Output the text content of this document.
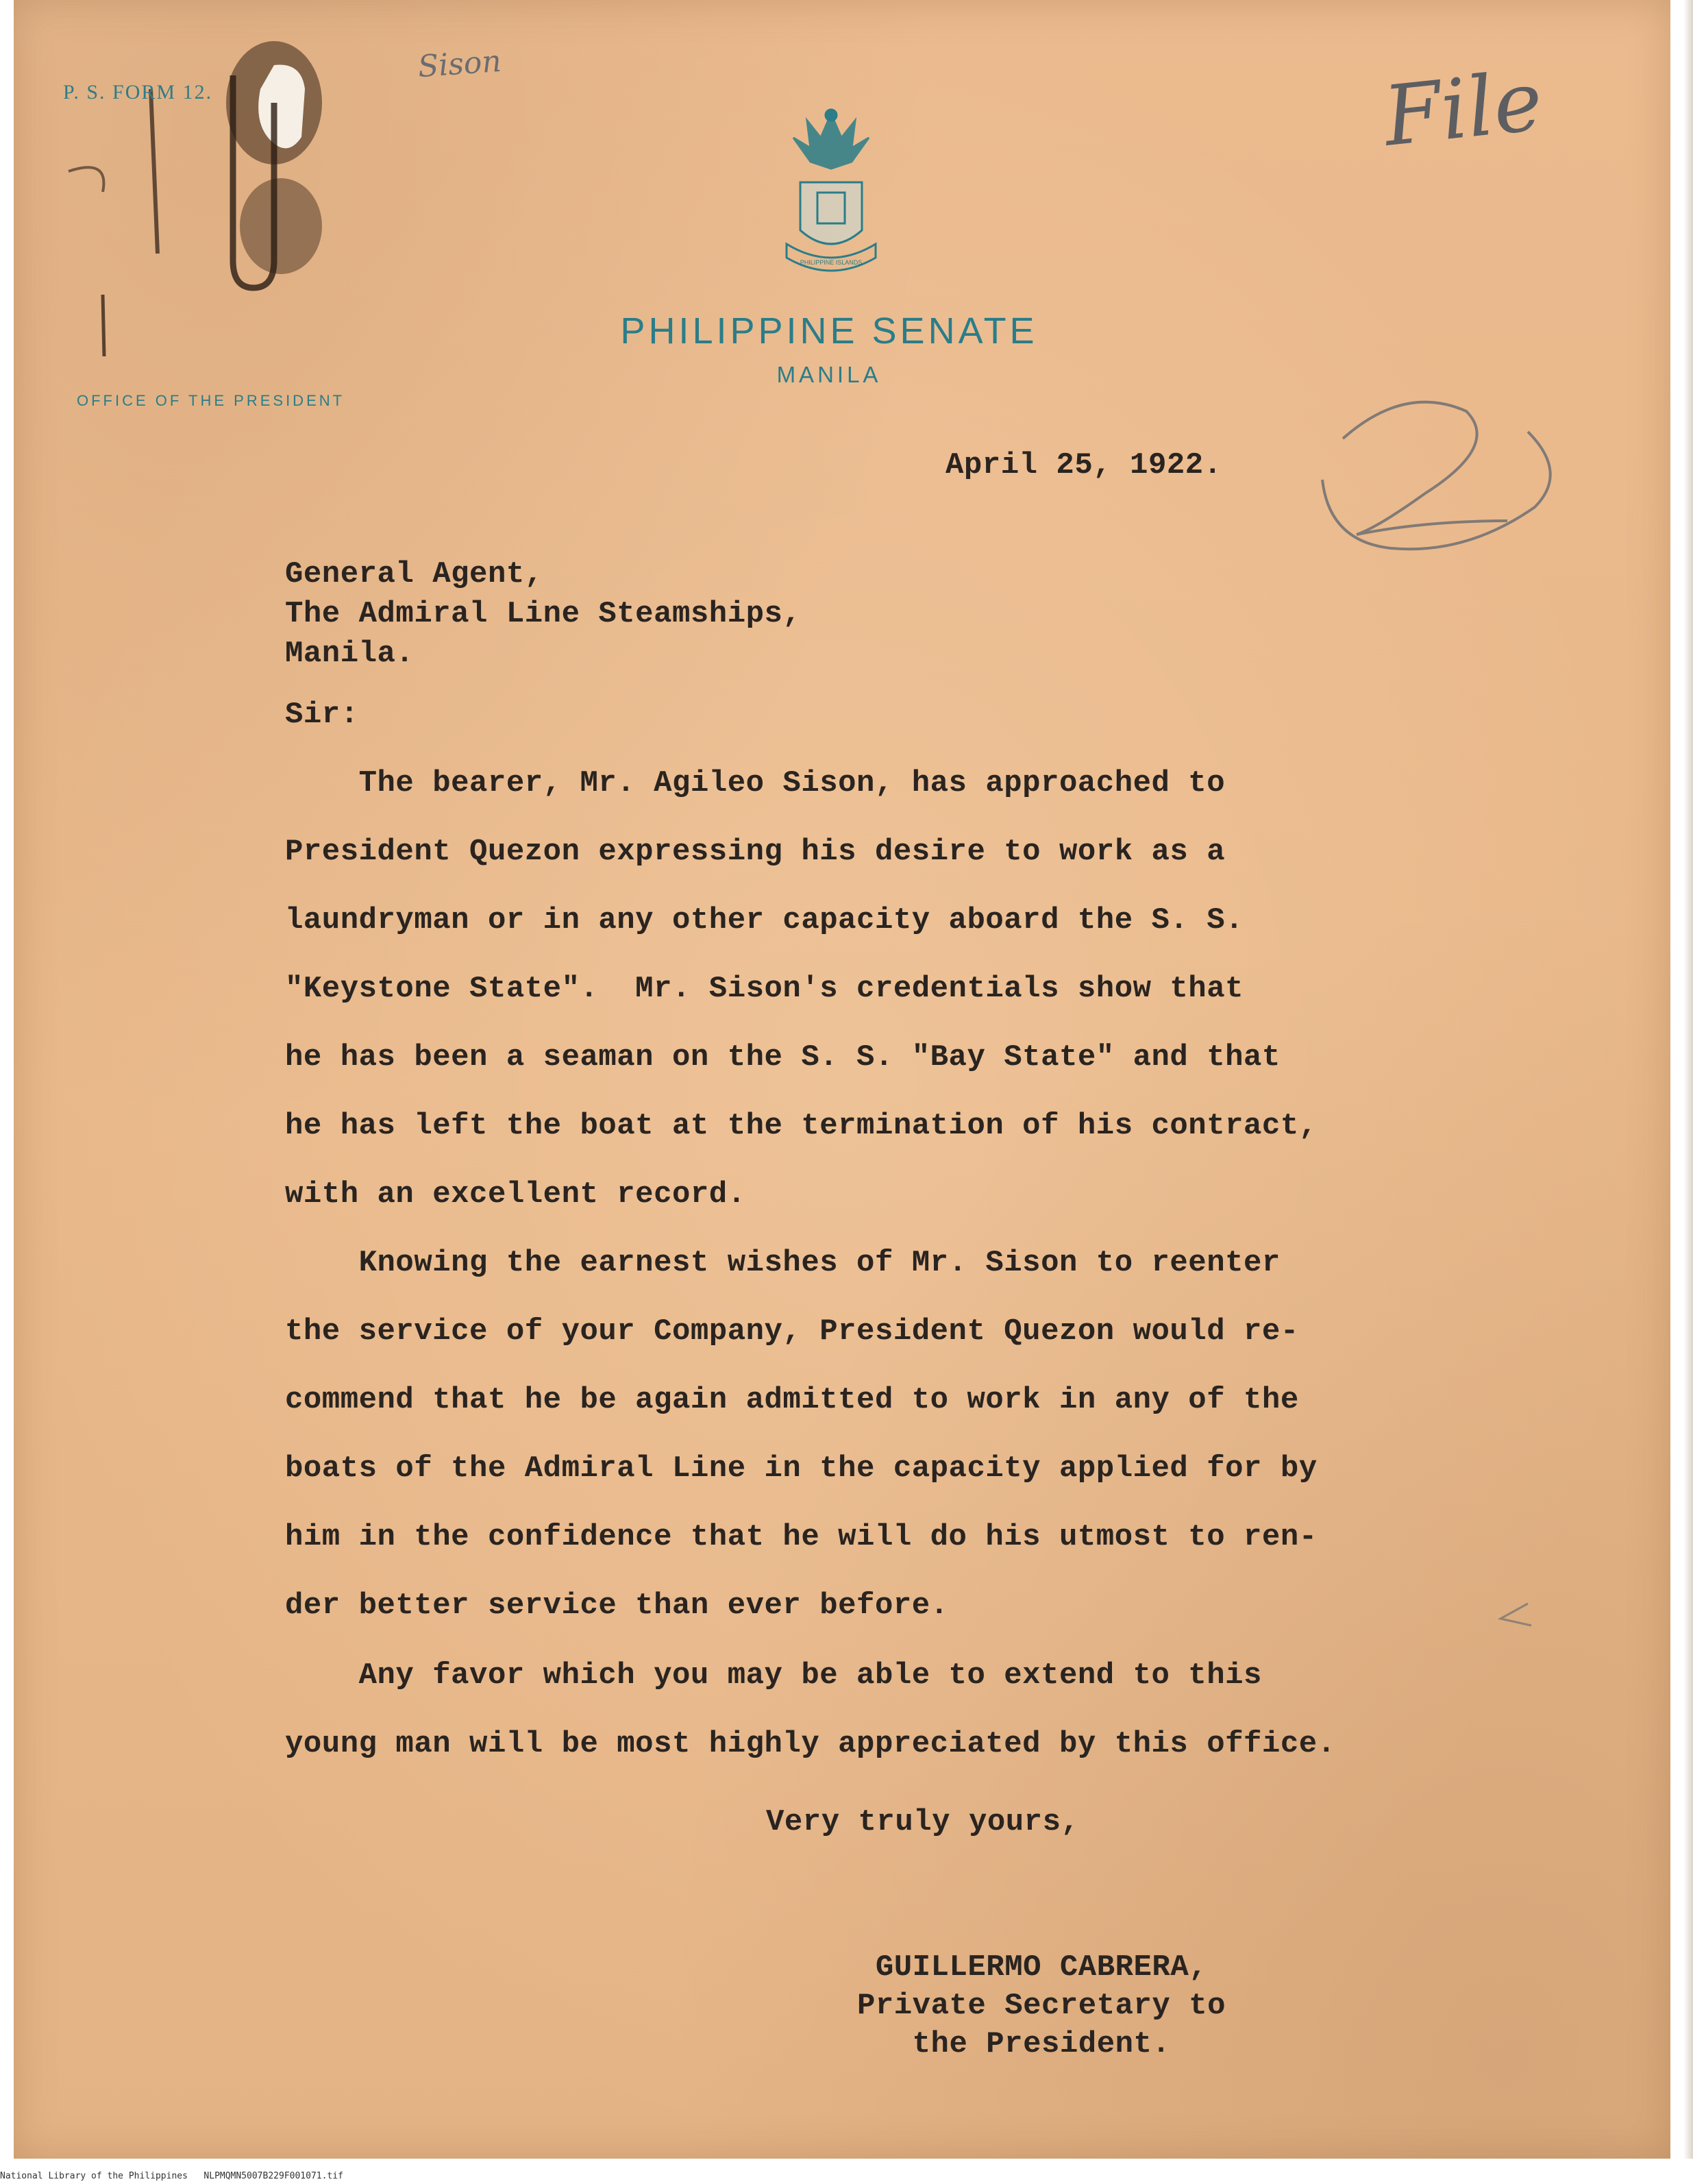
P. S. FORM 12.
PHILIPPINE ISLANDS
PHILIPPINE SENATE
MANILA
OFFICE OF THE PRESIDENT
Sison	File
April 25, 1922.
General Agent,
The Admiral Line Steamships,
Manila.
Sir:
The bearer, Mr. Agileo Sison, has approached to
President Quezon expressing his desire to work as a
laundryman or in any other capacity aboard the S. S.
"Keystone State".  Mr. Sison's credentials show that
he has been a seaman on the S. S. "Bay State" and that
he has left the boat at the termination of his contract,
with an excellent record.
Knowing the earnest wishes of Mr. Sison to reenter
the service of your Company, President Quezon would re-
commend that he be again admitted to work in any of the
boats of the Admiral Line in the capacity applied for by
him in the confidence that he will do his utmost to ren-
der better service than ever before.
Any favor which you may be able to extend to this
young man will be most highly appreciated by this office.
Very truly yours,
GUILLERMO CABRERA,
Private Secretary to
the President.
National Library of the Philippines   NLPMQMN5007B229F001071.tif
